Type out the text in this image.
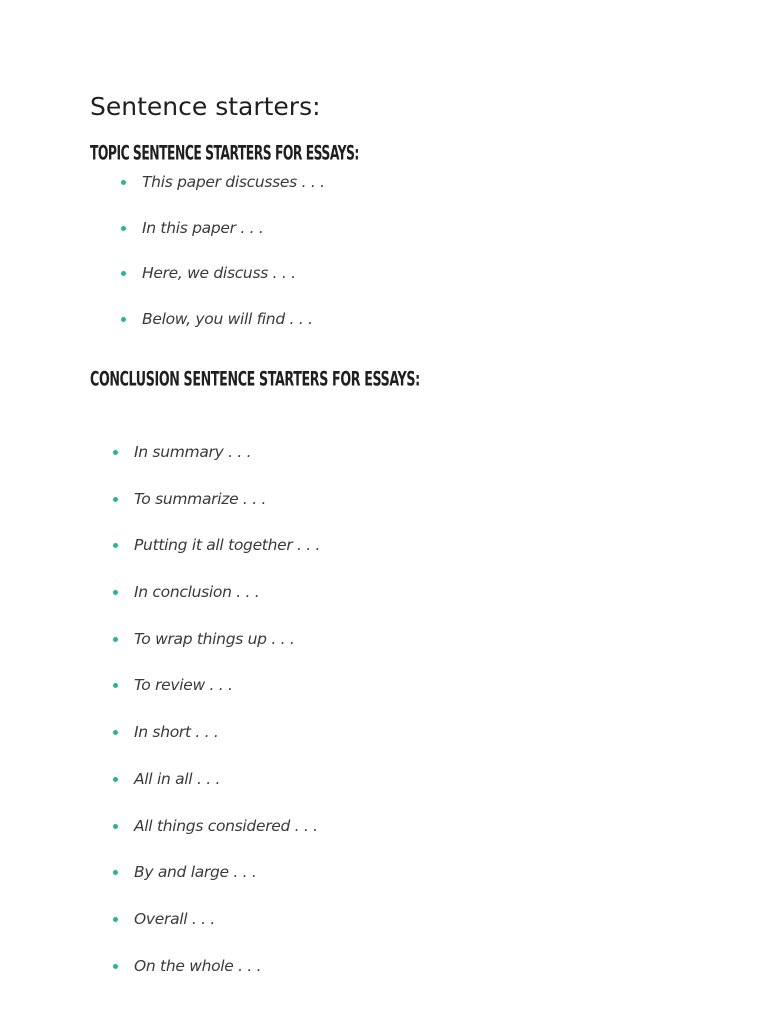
Sentence starters:
TOPIC SENTENCE STARTERS FOR ESSAYS:
This paper discusses . . .
In this paper . . .
Here, we discuss . . .
Below, you will find . . .
CONCLUSION SENTENCE STARTERS FOR ESSAYS:
In summary . . .
To summarize . . .
Putting it all together . . .
In conclusion . . .
To wrap things up . . .
To review . . .
In short . . .
All in all . . .
All things considered . . .
By and large . . .
Overall . . .
On the whole . . .
